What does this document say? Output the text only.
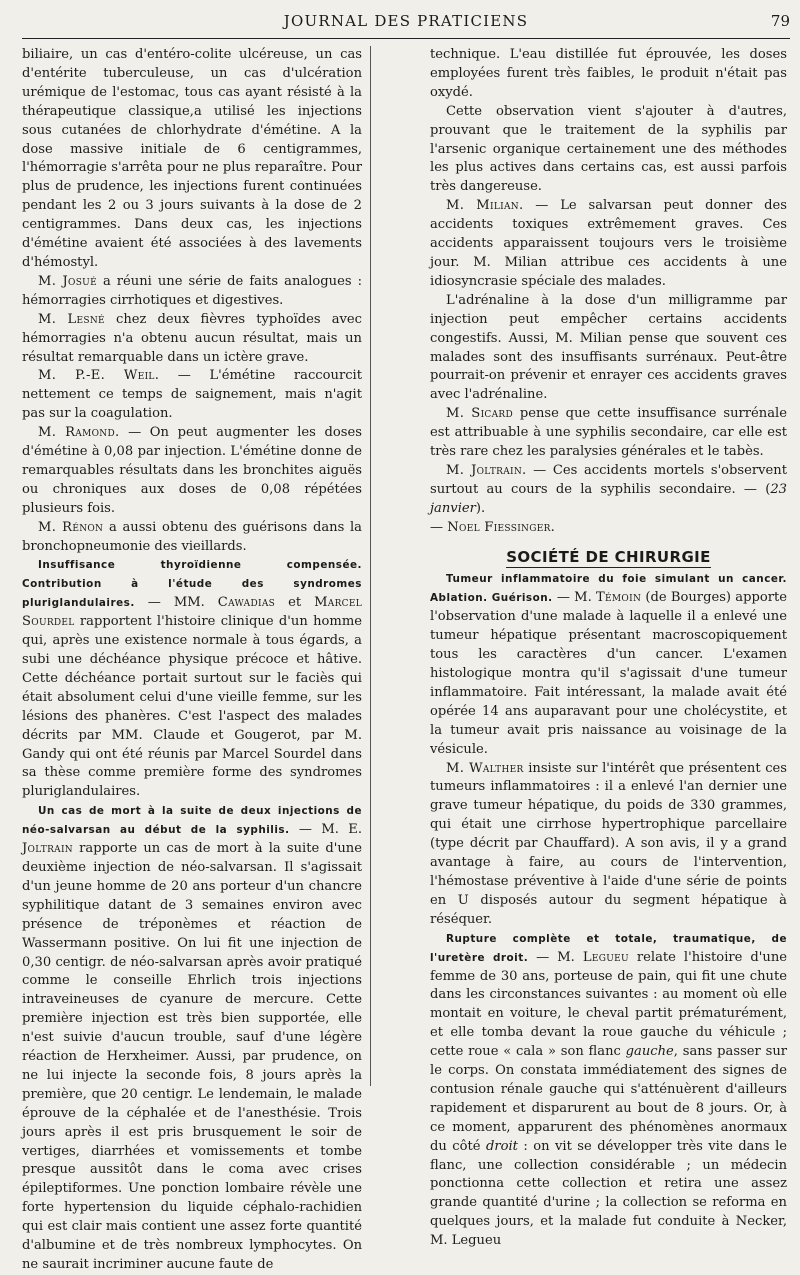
JOURNAL DES PRATICIENS	79

biliaire, un cas d'entéro-colite ulcéreuse, un cas d'entérite tuberculeuse, un cas d'ulcération urémique de l'estomac, tous cas ayant résisté à la thérapeutique classique,a utilisé les injections sous cutanées de chlorhydrate d'émétine. A la dose massive initiale de 6 centigrammes, l'hémorragie s'arrêta pour ne plus reparaître. Pour plus de prudence, les injections furent continuées pendant les 2 ou 3 jours suivants à la dose de 2 centigrammes. Dans deux cas, les injections d'émétine avaient été associées à des lavements d'hémostyl.

M. Josué a réuni une série de faits analogues : hémorragies cirrhotiques et digestives.

M. Lesné chez deux fièvres typhoïdes avec hémorragies n'a obtenu aucun résultat, mais un résultat remarquable dans un ictère grave.

M. P.-E. Weil. — L'émétine raccourcit nettement ce temps de saignement, mais n'agit pas sur la coagulation.

M. Ramond. — On peut augmenter les doses d'émétine à 0,08 par injection. L'émétine donne de remarquables résultats dans les bronchites aiguës ou chroniques aux doses de 0,08 répétées plusieurs fois.

M. Rénon a aussi obtenu des guérisons dans la bronchopneumonie des vieillards.

Insuffisance thyroïdienne compensée. Contribution à l'étude des syndromes pluriglandulaires. — MM. Cawadias et Marcel Sourdel rapportent l'histoire clinique d'un homme qui, après une existence normale à tous égards, a subi une déchéance physique précoce et hâtive. Cette déchéance portait surtout sur le faciès qui était absolument celui d'une vieille femme, sur les lésions des phanères. C'est l'aspect des malades décrits par MM. Claude et Gougerot, par M. Gandy qui ont été réunis par Marcel Sourdel dans sa thèse comme première forme des syndromes pluriglandulaires.

Un cas de mort à la suite de deux injections de néo-salvarsan au début de la syphilis. — M. E. Joltrain rapporte un cas de mort à la suite d'une deuxième injection de néo-salvarsan. Il s'agissait d'un jeune homme de 20 ans porteur d'un chancre syphilitique datant de 3 semaines environ avec présence de tréponèmes et réaction de Wassermann positive. On lui fit une injection de 0,30 centigr. de néo-salvarsan après avoir pratiqué comme le conseille Ehrlich trois injections intraveineuses de cyanure de mercure. Cette première injection est très bien supportée, elle n'est suivie d'aucun trouble, sauf d'une légère réaction de Herxheimer. Aussi, par prudence, on ne lui injecte la seconde fois, 8 jours après la première, que 20 centigr. Le lendemain, le malade éprouve de la céphalée et de l'anesthésie. Trois jours après il est pris brusquement le soir de vertiges, diarrhées et vomissements et tombe presque aussitôt dans le coma avec crises épileptiformes. Une ponction lombaire révèle une forte hypertension du liquide céphalo-rachidien qui est clair mais contient une assez forte quantité d'albumine et de très nombreux lymphocytes. On ne saurait incriminer aucune faute de

technique. L'eau distillée fut éprouvée, les doses employées furent très faibles, le produit n'était pas oxydé.

Cette observation vient s'ajouter à d'autres, prouvant que le traitement de la syphilis par l'arsenic organique certainement une des méthodes les plus actives dans certains cas, est aussi parfois très dangereuse.

M. Milian. — Le salvarsan peut donner des accidents toxiques extrêmement graves. Ces accidents apparaissent toujours vers le troisième jour. M. Milian attribue ces accidents à une idiosyncrasie spéciale des malades.

L'adrénaline à la dose d'un milligramme par injection peut empêcher certains accidents congestifs. Aussi, M. Milian pense que souvent ces malades sont des insuffisants surrénaux. Peut-être pourrait-on prévenir et enrayer ces accidents graves avec l'adrénaline.

M. Sicard pense que cette insuffisance surrénale est attribuable à une syphilis secondaire, car elle est très rare chez les paralysies générales et le tabès.

M. Joltrain. — Ces accidents mortels s'observent surtout au cours de la syphilis secondaire. — (23 janvier).
— Noel Fiessinger.

SOCIÉTÉ DE CHIRURGIE

Tumeur inflammatoire du foie simulant un cancer. Ablation. Guérison. — M. Témoin (de Bourges) apporte l'observation d'une malade à laquelle il a enlevé une tumeur hépatique présentant macroscopiquement tous les caractères d'un cancer. L'examen histologique montra qu'il s'agissait d'une tumeur inflammatoire. Fait intéressant, la malade avait été opérée 14 ans auparavant pour une cholécystite, et la tumeur avait pris naissance au voisinage de la vésicule.

M. Walther insiste sur l'intérêt que présentent ces tumeurs inflammatoires : il a enlevé l'an dernier une grave tumeur hépatique, du poids de 330 grammes, qui était une cirrhose hypertrophique parcellaire (type décrit par Chauffard). A son avis, il y a grand avantage à faire, au cours de l'intervention, l'hémostase préventive à l'aide d'une série de points en U disposés autour du segment hépatique à réséquer.

Rupture complète et totale, traumatique, de l'uretère droit. — M. Legueu relate l'histoire d'une femme de 30 ans, porteuse de pain, qui fit une chute dans les circonstances suivantes : au moment où elle montait en voiture, le cheval partit prématurément, et elle tomba devant la roue gauche du véhicule ; cette roue « cala » son flanc gauche, sans passer sur le corps. On constata immédiatement des signes de contusion rénale gauche qui s'atténuèrent d'ailleurs rapidement et disparurent au bout de 8 jours. Or, à ce moment, apparurent des phénomènes anormaux du côté droit : on vit se développer très vite dans le flanc, une collection considérable ; un médecin ponctionna cette collection et retira une assez grande quantité d'urine ; la collection se reforma en quelques jours, et la malade fut conduite à Necker, M. Legueu
